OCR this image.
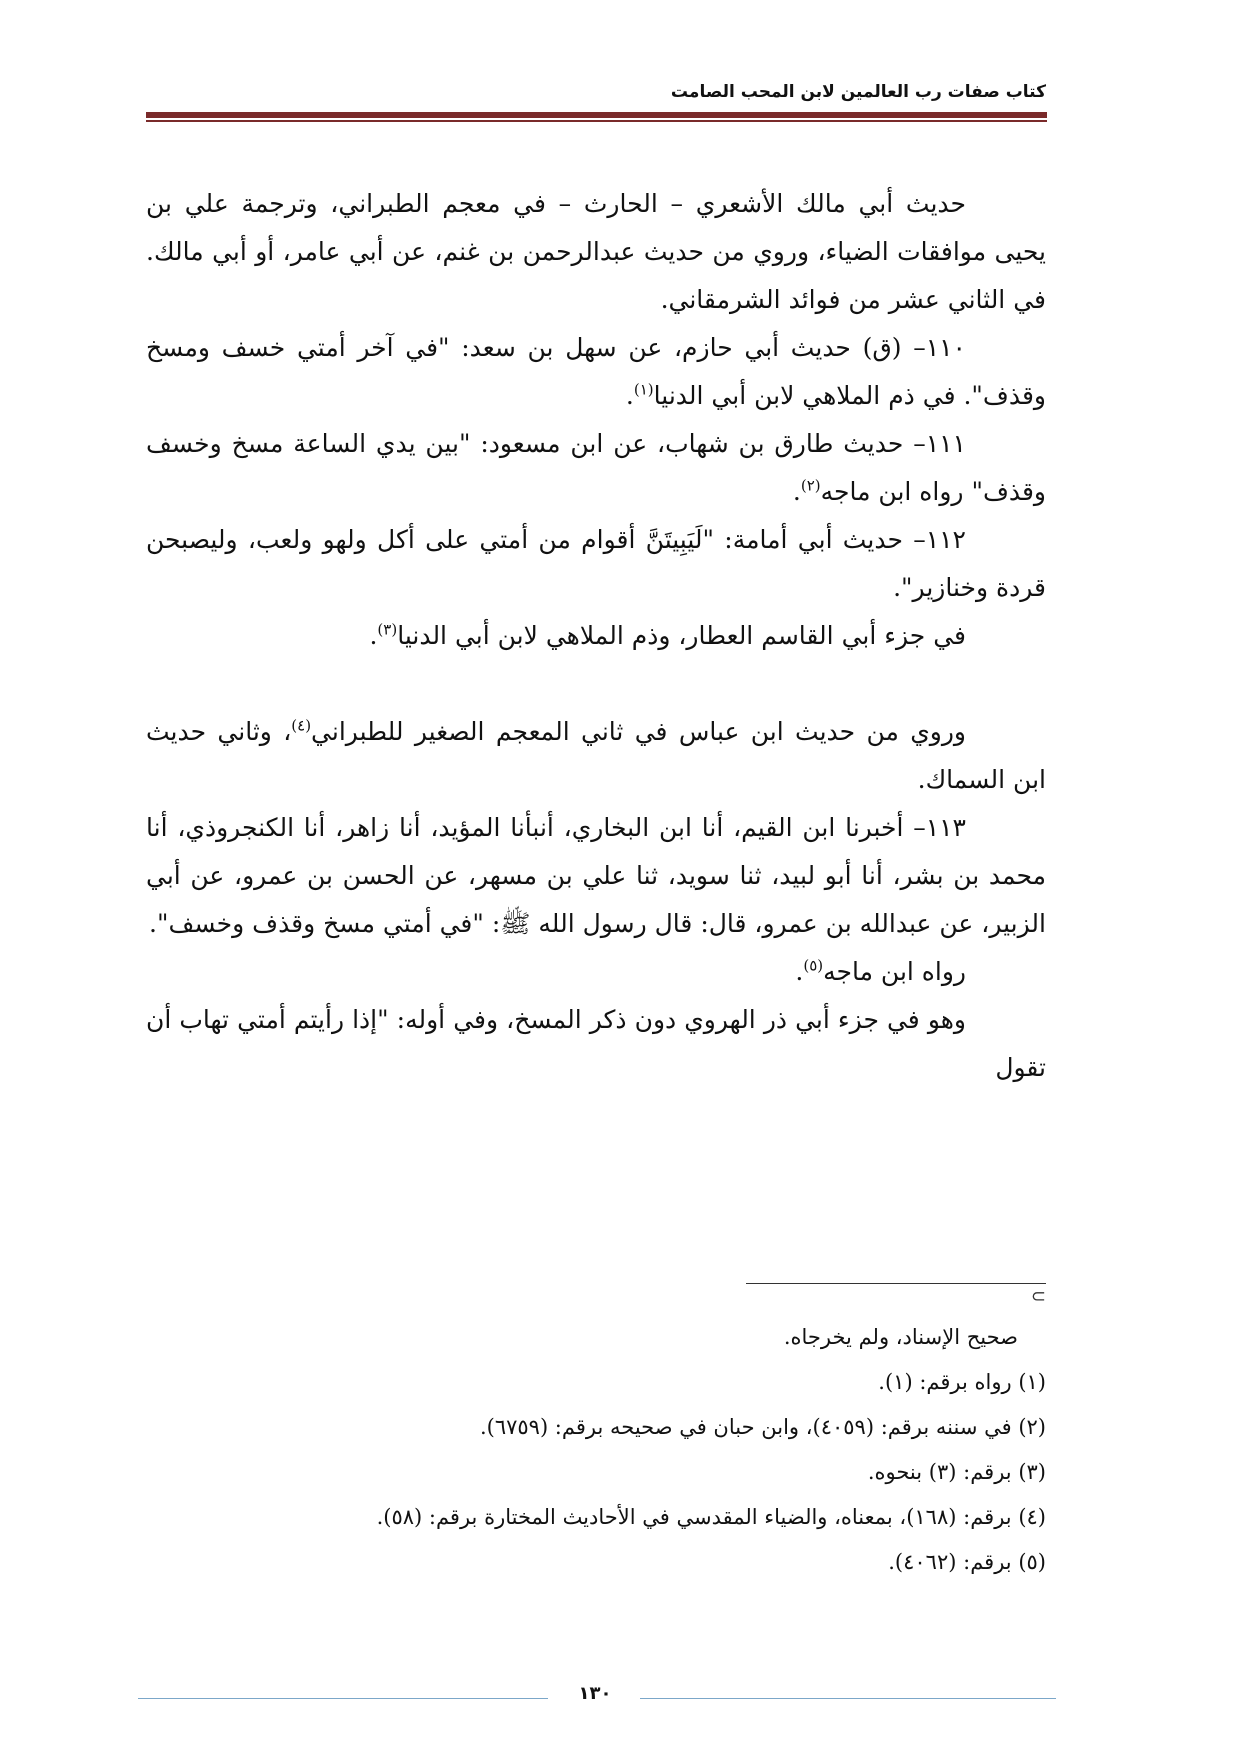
كتاب صفات رب العالمين لابن المحب الصامت

حديث أبي مالك الأشعري – الحارث – في معجم الطبراني، وترجمة علي بن يحيى موافقات الضياء، وروي من حديث عبدالرحمن بن غنم، عن أبي عامر، أو أبي مالك. في الثاني عشر من فوائد الشرمقاني.

١١٠– (ق) حديث أبي حازم، عن سهل بن سعد: "في آخر أمتي خسف ومسخ وقذف". في ذم الملاهي لابن أبي الدنيا$^{(١)}$.

١١١– حديث طارق بن شهاب، عن ابن مسعود: "بين يدي الساعة مسخ وخسف وقذف" رواه ابن ماجه$^{(٢)}$.

١١٢– حديث أبي أمامة: "لَيَبِيتَنَّ أقوام من أمتي على أكل ولهو ولعب، وليصبحن قردة وخنازير".

في جزء أبي القاسم العطار، وذم الملاهي لابن أبي الدنيا$^{(٣)}$.

وروي من حديث ابن عباس في ثاني المعجم الصغير للطبراني$^{(٤)}$، وثاني حديث ابن السماك.

١١٣– أخبرنا ابن القيم، أنا ابن البخاري، أنبأنا المؤيد، أنا زاهر، أنا الكنجروذي، أنا محمد بن بشر، أنا أبو لبيد، ثنا سويد، ثنا علي بن مسهر، عن الحسن بن عمرو، عن أبي الزبير، عن عبدالله بن عمرو، قال: قال رسول الله ﷺ: "في أمتي مسخ وقذف وخسف".

رواه ابن ماجه$^{(٥)}$.

وهو في جزء أبي ذر الهروي دون ذكر المسخ، وفي أوله: "إذا رأيتم أمتي تهاب أن تقول

⊃

صحيح الإسناد، ولم يخرجاه.

(١) رواه برقم: (١).

(٢) في سننه برقم: (٤٠٥٩)، وابن حبان في صحيحه برقم: (٦٧٥٩).

(٣) برقم: (٣) بنحوه.

(٤) برقم: (١٦٨)، بمعناه، والضياء المقدسي في الأحاديث المختارة برقم: (٥٨).

(٥) برقم: (٤٠٦٢).

١٣٠
